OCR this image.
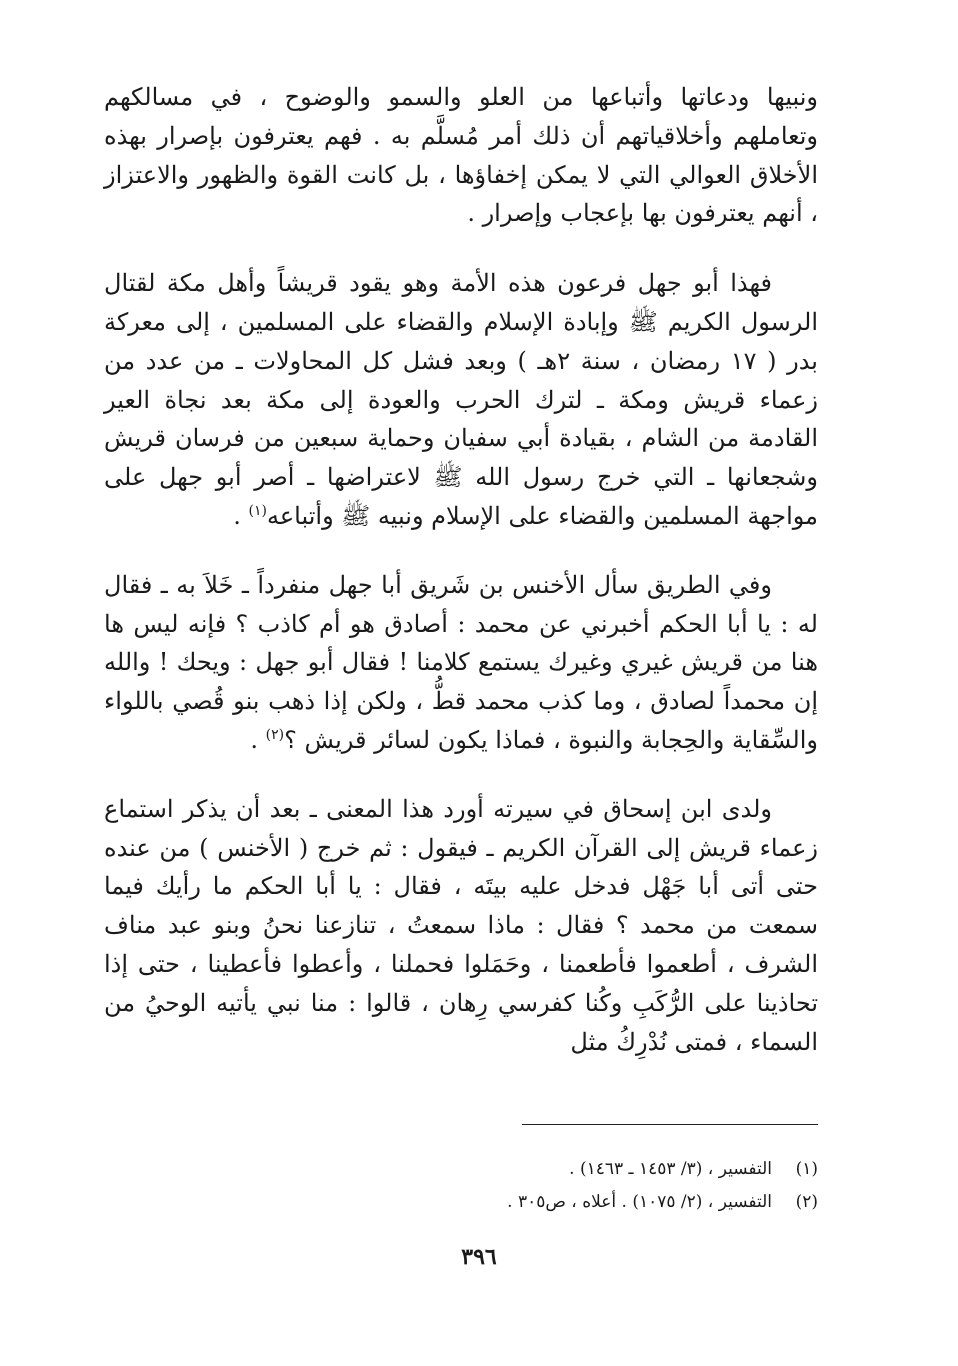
ونبيها ودعاتها وأتباعها من العلو والسمو والوضوح ، في مسالكهم وتعاملهم وأخلاقياتهم أن ذلك أمر مُسلَّم به . فهم يعترفون بإصرار بهذه الأخلاق العوالي التي لا يمكن إخفاؤها ، بل كانت القوة والظهور والاعتزاز ، أنهم يعترفون بها بإعجاب وإصرار .

فهذا أبو جهل فرعون هذه الأمة وهو يقود قريشاً وأهل مكة لقتال الرسول الكريم ﷺ وإبادة الإسلام والقضاء على المسلمين ، إلى معركة بدر ( ١٧ رمضان ، سنة ٢هـ ) وبعد فشل كل المحاولات ـ من عدد من زعماء قريش ومكة ـ لترك الحرب والعودة إلى مكة بعد نجاة العير القادمة من الشام ، بقيادة أبي سفيان وحماية سبعين من فرسان قريش وشجعانها ـ التي خرج رسول الله ﷺ لاعتراضها ـ أصر أبو جهل على مواجهة المسلمين والقضاء على الإسلام ونبيه ﷺ وأتباعه$^{(١)}$ .

وفي الطريق سأل الأخنس بن شَريق أبا جهل منفرداً ـ خَلاَ به ـ فقال له : يا أبا الحكم أخبرني عن محمد : أصادق هو أم كاذب ؟ فإنه ليس ها هنا من قريش غيري وغيرك يستمع كلامنا ! فقال أبو جهل : ويحك ! والله إن محمداً لصادق ، وما كذب محمد قطُّ ، ولكن إذا ذهب بنو قُصي باللواء والسِّقاية والحِجابة والنبوة ، فماذا يكون لسائر قريش ؟$^{(٢)}$ .

ولدى ابن إسحاق في سيرته أورد هذا المعنى ـ بعد أن يذكر استماع زعماء قريش إلى القرآن الكريم ـ فيقول : ثم خرج ( الأخنس ) من عنده حتى أتى أبا جَهْل فدخل عليه بيتَه ، فقال : يا أبا الحكم ما رأيك فيما سمعت من محمد ؟ فقال : ماذا سمعتُ ، تنازعنا نحنُ وبنو عبد مناف الشرف ، أطعموا فأطعمنا ، وحَمَلوا فحملنا ، وأعطوا فأعطينا ، حتى إذا تحاذينا على الرُّكَبِ وكُنا كفرسي رِهان ، قالوا : منا نبي يأتيه الوحيُ من السماء ، فمتى نُدْرِكُ مثل

(١)
التفسير ، (٣/ ١٤٥٣ ـ ١٤٦٣) .
(٢)
التفسير ، (٢/ ١٠٧٥) . أعلاه ، ص٣٠٥ .
٣٩٦
